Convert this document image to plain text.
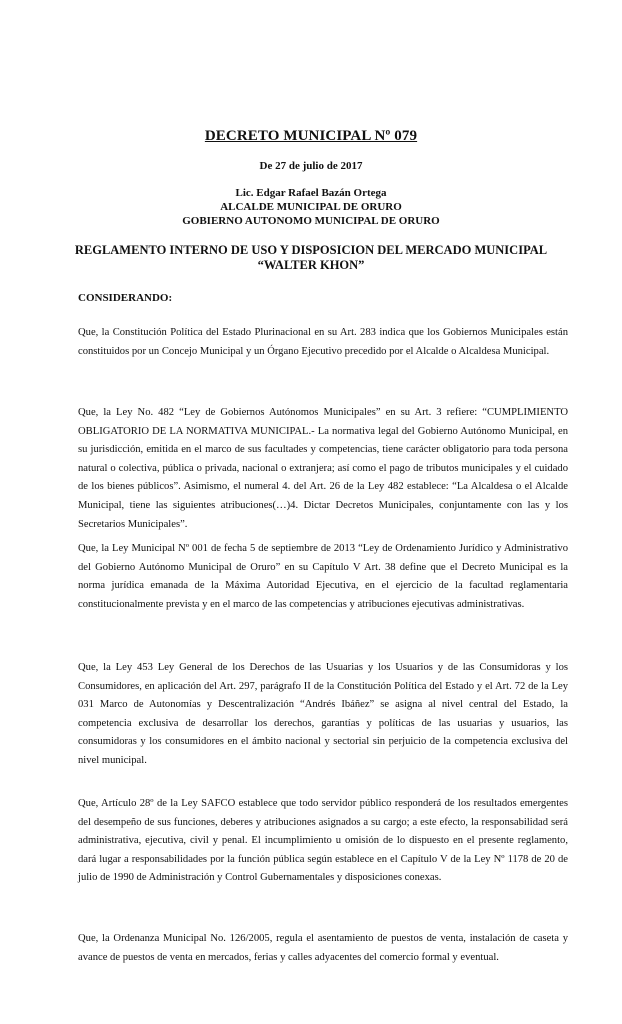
DECRETO MUNICIPAL Nº 079
De 27 de julio de 2017
Lic. Edgar Rafael Bazán Ortega
ALCALDE MUNICIPAL DE ORURO
GOBIERNO AUTONOMO MUNICIPAL DE ORURO
REGLAMENTO INTERNO DE USO Y DISPOSICION DEL MERCADO MUNICIPAL
“WALTER KHON”
CONSIDERANDO:
Que, la Constitución Política del Estado Plurinacional en su Art. 283 indica que los Gobiernos Municipales están constituidos por un Concejo Municipal y un Órgano Ejecutivo precedido por el Alcalde o Alcaldesa Municipal.
Que, la Ley No. 482 “Ley de Gobiernos Autónomos Municipales” en su Art. 3 refiere: “CUMPLIMIENTO OBLIGATORIO DE LA NORMATIVA MUNICIPAL.- La normativa legal del Gobierno Autónomo Municipal, en su jurisdicción, emitida en el marco de sus facultades y competencias, tiene carácter obligatorio para toda persona natural o colectiva, pública o privada, nacional o extranjera; así como el pago de tributos municipales y el cuidado de los bienes públicos”. Asimismo, el numeral 4. del Art. 26 de la Ley 482 establece: “La Alcaldesa o el Alcalde Municipal, tiene las siguientes atribuciones(…)4. Dictar Decretos Municipales, conjuntamente con las y los Secretarios Municipales”.
Que, la Ley Municipal Nº 001 de fecha 5 de septiembre de 2013 “Ley de Ordenamiento Jurídico y Administrativo del Gobierno Autónomo Municipal de Oruro” en su Capítulo V Art. 38 define que el Decreto Municipal es la norma jurídica emanada de la Máxima Autoridad Ejecutiva, en el ejercicio de la facultad reglamentaria constitucionalmente prevista y en el marco de las competencias y atribuciones ejecutivas administrativas.
Que, la Ley 453 Ley General de los Derechos de las Usuarias y los Usuarios y de las Consumidoras y los Consumidores, en aplicación del Art. 297, parágrafo II de la Constitución Política del Estado y el Art. 72 de la Ley 031 Marco de Autonomías y Descentralización “Andrés Ibáñez” se asigna al nivel central del Estado, la competencia exclusiva de desarrollar los derechos, garantías y políticas de las usuarias y usuarios, las consumidoras y los consumidores en el ámbito nacional y sectorial sin perjuicio de la competencia exclusiva del nivel municipal.
Que, Artículo 28º de la Ley SAFCO establece que todo servidor público responderá de los resultados emergentes del desempeño de sus funciones, deberes y atribuciones asignados a su cargo; a este efecto, la responsabilidad será administrativa, ejecutiva, civil y penal. El incumplimiento u omisión de lo dispuesto en el presente reglamento, dará lugar a responsabilidades por la función pública según establece en el Capítulo V de la Ley Nº 1178 de 20 de julio de 1990 de Administración y Control Gubernamentales y disposiciones conexas.
Que, la Ordenanza Municipal No. 126/2005, regula el asentamiento de puestos de venta, instalación de caseta y avance de puestos de venta en mercados, ferias y calles adyacentes del comercio formal y eventual.
